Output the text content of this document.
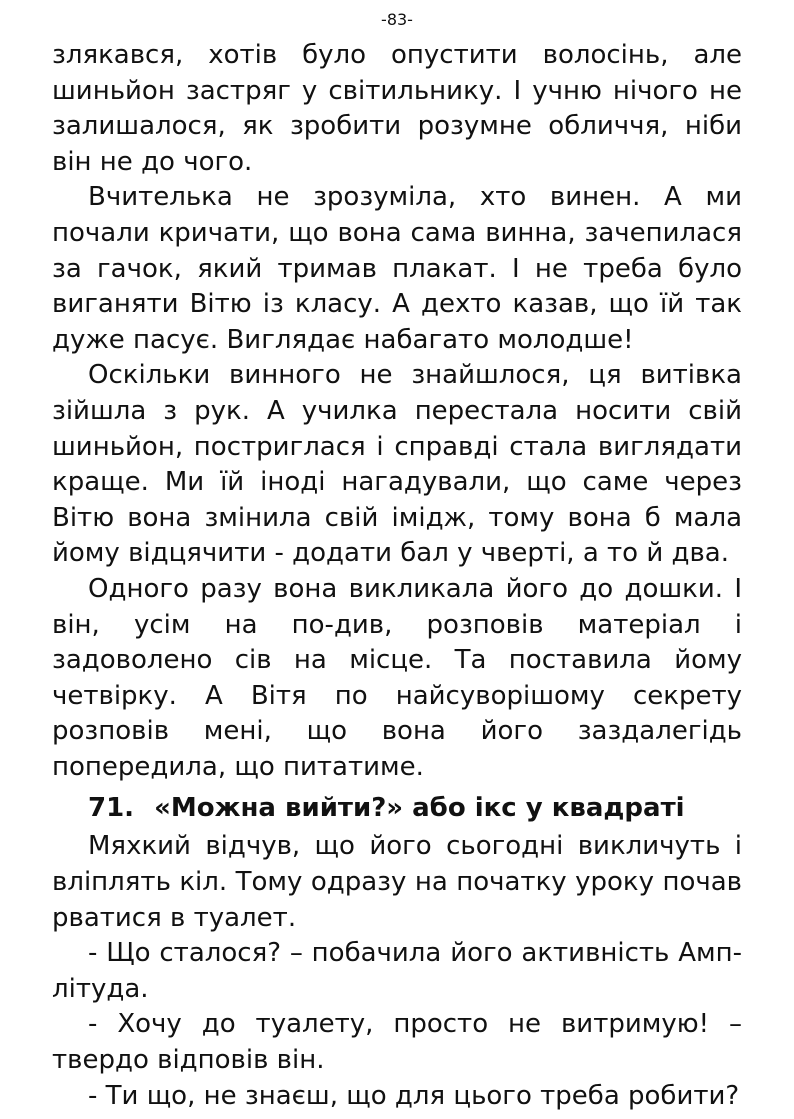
-83-

злякався, хотів було опустити волосінь, але шиньйон застряг у світильнику. І учню нічого не залишалося, як зробити розумне обличчя, ніби він не до чого.

Вчителька не зрозуміла, хто винен. А ми почали кричати, що вона сама винна, зачепилася за гачок, який тримав плакат. І не треба було виганяти Вітю із класу. А дехто казав, що їй так дуже пасує. Виглядає набагато молодше!

Оскільки винного не знайшлося, ця витівка зійшла з рук. А училка перестала носити свій шиньйон, постриглася і справді стала виглядати краще. Ми їй іноді нагадували, що саме через Вітю вона змінила свій імідж, тому вона б мала йому відцячити - додати бал у чверті, а то й два.

Одного разу вона викликала його до дошки. І він, усім на по-див, розповів матеріал і задоволено сів на місце. Та поставила йому четвірку. А Вітя по найсуворішому секрету розповів мені, що вона його заздалегідь попередила, що питатиме.

71. «Можна вийти?» або ікс у квадраті

Мяхкий відчув, що його сьогодні викличуть і вліплять кіл. Тому одразу на початку уроку почав рватися в туалет.

- Що сталося? – побачила його активність Амплітуда.

- Хочу до туалету, просто не витримую! – твердо відповів він.

- Ти що, не знаєш, що для цього треба робити?
